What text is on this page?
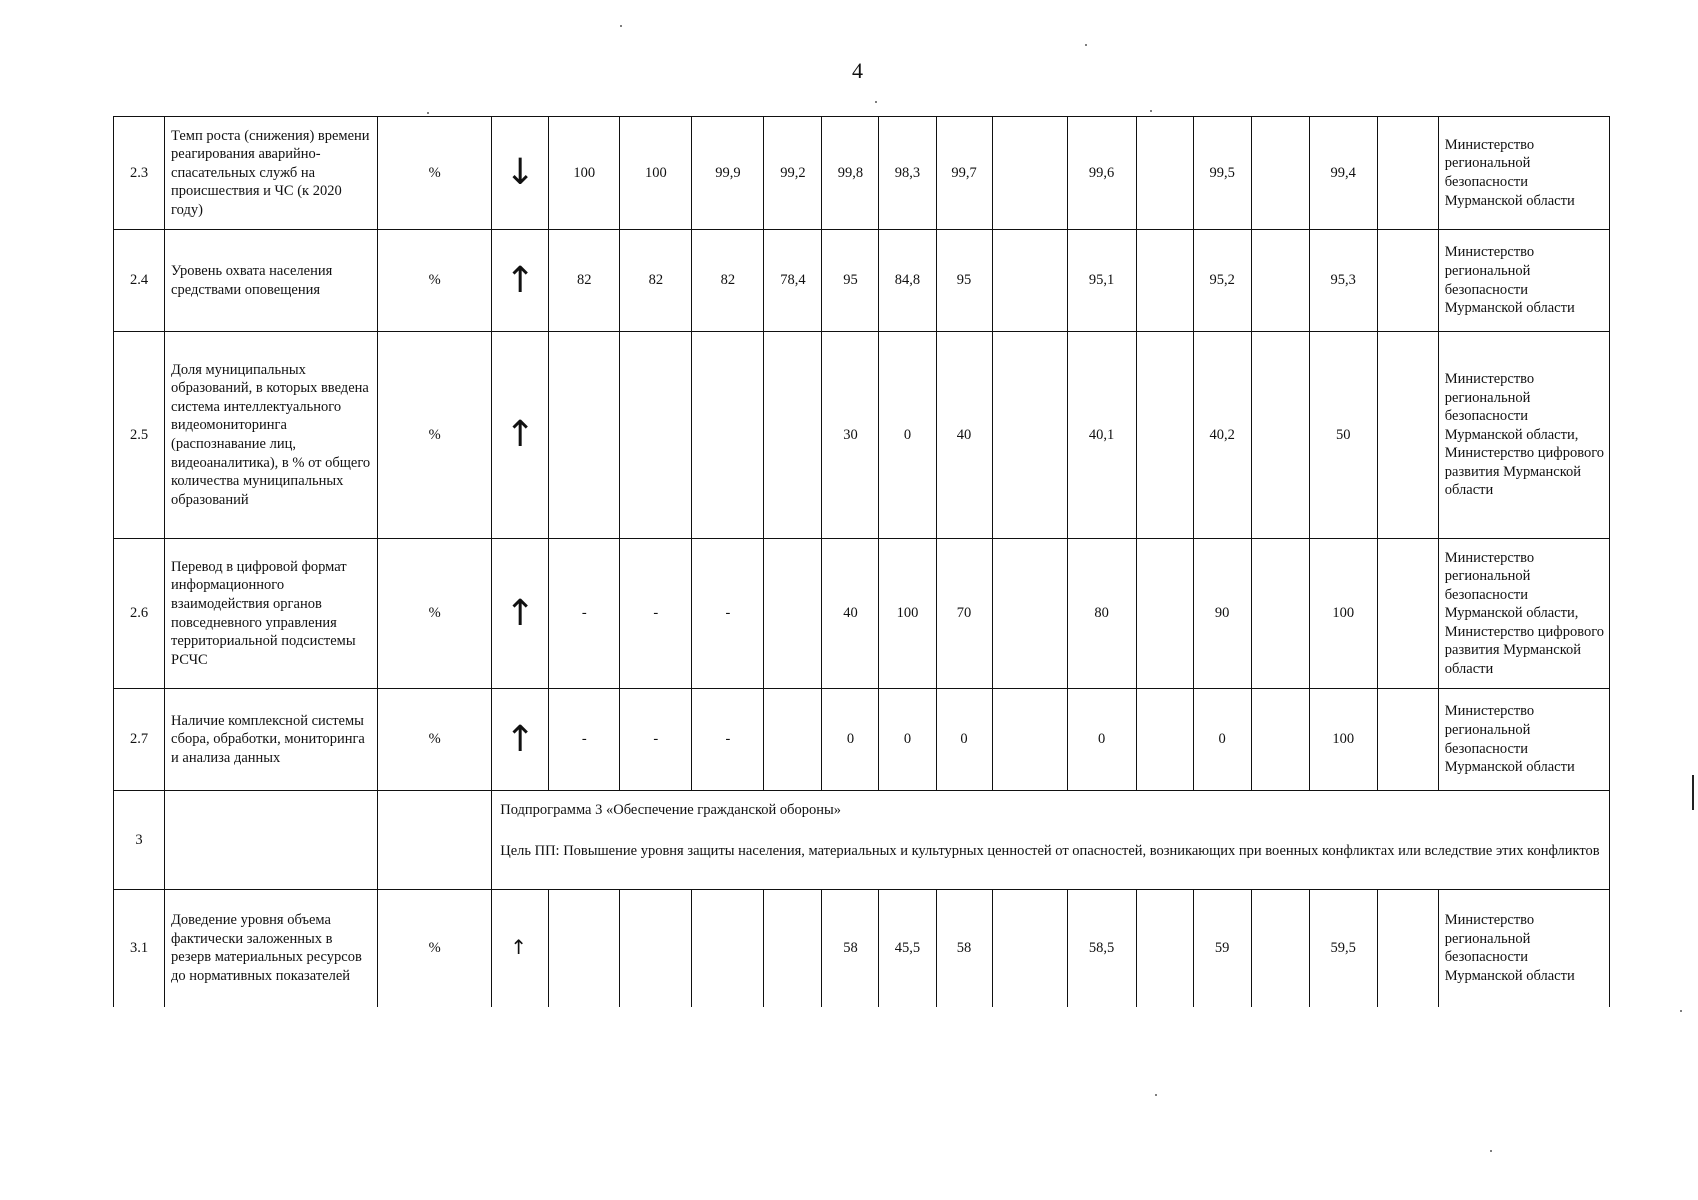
4
2.3	Темп роста (снижения) времени реагирования аварийно-спасательных служб на происшествия и ЧС (к 2020 году)	%	↓	100	100	99,9	99,2	99,8	98,3	99,7		99,6		99,5		99,4		Министерство региональной безопасности Мурманской области
2.4	Уровень охвата населения средствами оповещения	%	↑	82	82	82	78,4	95	84,8	95		95,1		95,2		95,3		Министерство региональной безопасности Мурманской области
2.5	Доля муниципальных образований, в которых введена система интеллектуального видеомониторинга (распознавание лиц, видеоаналитика), в % от общего количества муниципальных образований	%	↑					30	0	40		40,1		40,2		50		Министерство региональной безопасности Мурманской области, Министерство цифрового развития Мурманской области
2.6	Перевод в цифровой формат информационного взаимодействия органов повседневного управления территориальной подсистемы РСЧС	%	↑	-	-	-		40	100	70		80		90		100		Министерство региональной безопасности Мурманской области, Министерство цифрового развития Мурманской области
2.7	Наличие комплексной системы сбора, обработки, мониторинга и анализа данных	%	↑	-	-	-		0	0	0		0		0		100		Министерство региональной безопасности Мурманской области
3			Подпрограмма 3 «Обеспечение гражданской обороны»
Цель ПП: Повышение уровня защиты населения, материальных и культурных ценностей от опасностей, возникающих при военных конфликтах или вследствие этих конфликтов															
3.1	Доведение уровня объема фактически заложенных в резерв материальных ресурсов до нормативных показателей	%	↑					58	45,5	58		58,5		59		59,5		Министерство региональной безопасности Мурманской области
